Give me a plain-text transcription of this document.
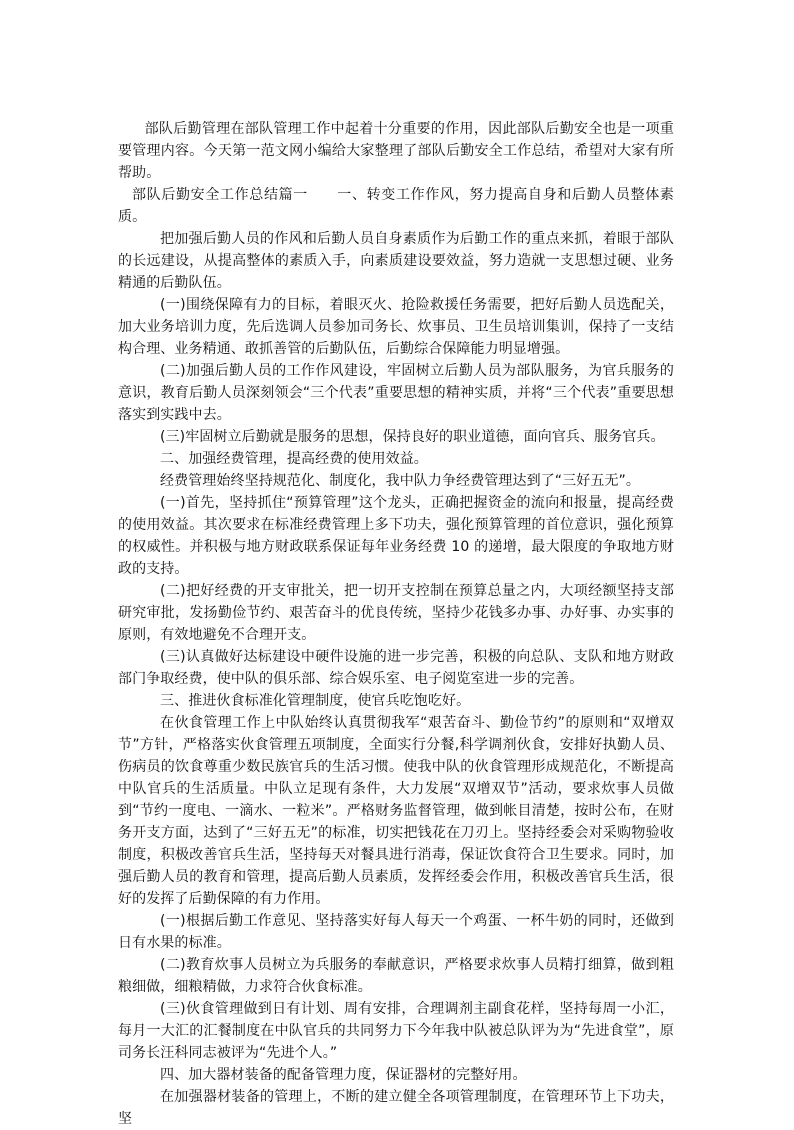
部队后勤管理在部队管理工作中起着十分重要的作用，因此部队后勤安全也是一项重要管理内容。今天第一范文网小编给大家整理了部队后勤安全工作总结，希望对大家有所帮助。

部队后勤安全工作总结篇一　　一、转变工作作风，努力提高自身和后勤人员整体素质。

把加强后勤人员的作风和后勤人员自身素质作为后勤工作的重点来抓，着眼于部队的长远建设，从提高整体的素质入手，向素质建设要效益，努力造就一支思想过硬、业务精通的后勤队伍。

(一)围绕保障有力的目标，着眼灭火、抢险救援任务需要，把好后勤人员选配关，加大业务培训力度，先后选调人员参加司务长、炊事员、卫生员培训集训，保持了一支结构合理、业务精通、敢抓善管的后勤队伍，后勤综合保障能力明显增强。

(二)加强后勤人员的工作作风建设，牢固树立后勤人员为部队服务，为官兵服务的意识，教育后勤人员深刻领会“三个代表”重要思想的精神实质，并将“三个代表”重要思想落实到实践中去。

(三)牢固树立后勤就是服务的思想，保持良好的职业道德，面向官兵、服务官兵。

二、加强经费管理，提高经费的使用效益。

经费管理始终坚持规范化、制度化，我中队力争经费管理达到了“三好五无”。

(一)首先，坚持抓住“预算管理”这个龙头，正确把握资金的流向和报量，提高经费的使用效益。其次要求在标准经费管理上多下功夫，强化预算管理的首位意识，强化预算的权威性。并积极与地方财政联系保证每年业务经费 10 的递增，最大限度的争取地方财政的支持。

(二)把好经费的开支审批关，把一切开支控制在预算总量之内，大项经额坚持支部研究审批，发扬勤俭节约、艰苦奋斗的优良传统，坚持少花钱多办事、办好事、办实事的原则，有效地避免不合理开支。

(三)认真做好达标建设中硬件设施的进一步完善，积极的向总队、支队和地方财政部门争取经费，使中队的俱乐部、综合娱乐室、电子阅览室进一步的完善。

三、推进伙食标准化管理制度，使官兵吃饱吃好。

在伙食管理工作上中队始终认真贯彻我军“艰苦奋斗、勤俭节约”的原则和“双增双节”方针，严格落实伙食管理五项制度，全面实行分餐,科学调剂伙食，安排好执勤人员、伤病员的饮食尊重少数民族官兵的生活习惯。使我中队的伙食管理形成规范化，不断提高中队官兵的生活质量。中队立足现有条件，大力发展“双增双节”活动，要求炊事人员做到“节约一度电、一滴水、一粒米”。严格财务监督管理，做到帐目清楚，按时公布，在财务开支方面，达到了“三好五无”的标准，切实把钱花在刀刃上。坚持经委会对采购物验收制度，积极改善官兵生活，坚持每天对餐具进行消毒，保证饮食符合卫生要求。同时，加强后勤人员的教育和管理，提高后勤人员素质，发挥经委会作用，积极改善官兵生活，很好的发挥了后勤保障的有力作用。

(一)根据后勤工作意见、坚持落实好每人每天一个鸡蛋、一杯牛奶的同时，还做到日有水果的标准。

(二)教育炊事人员树立为兵服务的奉献意识，严格要求炊事人员精打细算，做到粗粮细做，细粮精做，力求符合伙食标准。

(三)伙食管理做到日有计划、周有安排，合理调剂主副食花样，坚持每周一小汇，每月一大汇的汇餐制度在中队官兵的共同努力下今年我中队被总队评为为“先进食堂”，原司务长汪科同志被评为“先进个人。”

四、加大器材装备的配备管理力度，保证器材的完整好用。

在加强器材装备的管理上，不断的建立健全各项管理制度，在管理环节上下功夫，坚
